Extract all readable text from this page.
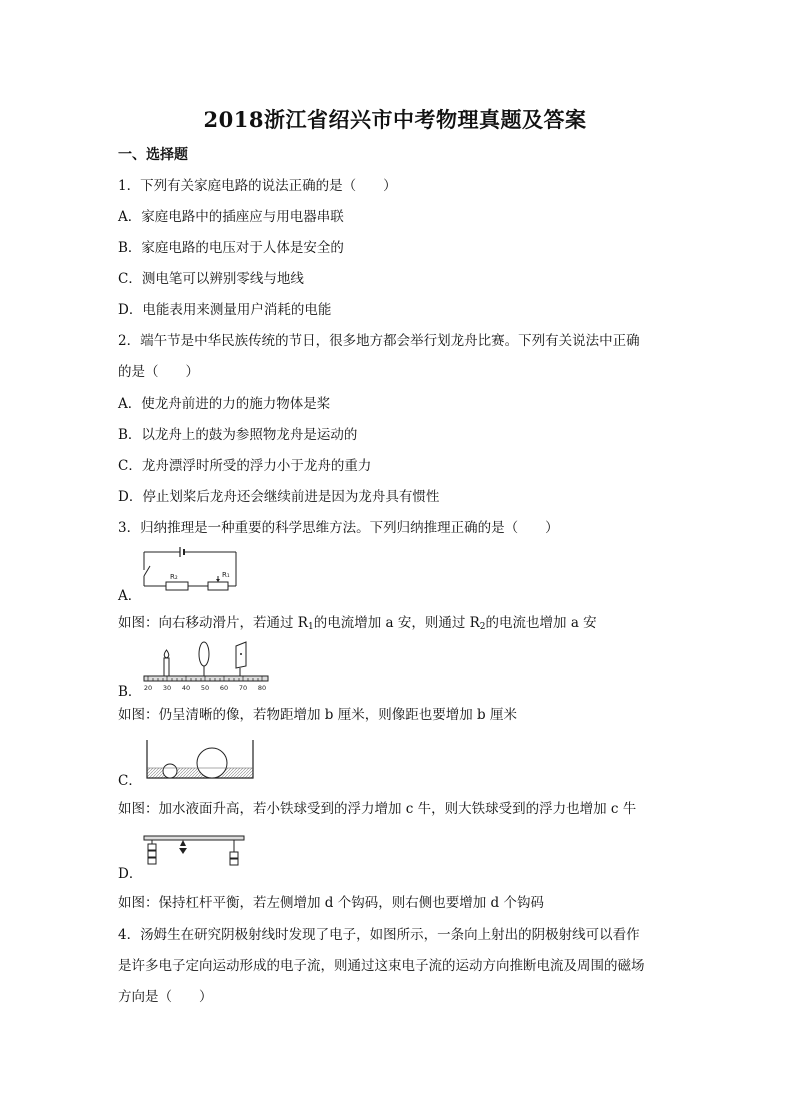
2018浙江省绍兴市中考物理真题及答案
一、选择题
1．下列有关家庭电路的说法正确的是（　　）
A．家庭电路中的插座应与用电器串联
B．家庭电路的电压对于人体是安全的
C．测电笔可以辨别零线与地线
D．电能表用来测量用户消耗的电能
2．端午节是中华民族传统的节日，很多地方都会举行划龙舟比赛。下列有关说法中正确
的是（　　）
A．使龙舟前进的力的施力物体是桨
B．以龙舟上的鼓为参照物龙舟是运动的
C．龙舟漂浮时所受的浮力小于龙舟的重力
D．停止划桨后龙舟还会继续前进是因为龙舟具有惯性
3．归纳推理是一种重要的科学思维方法。下列归纳推理正确的是（　　）
R₂	R₁
A．
如图：向右移动滑片，若通过 $R_1$的电流增加 a 安，则通过 $R_2$的电流也增加 a 安
20 30 40 50 60 70 80
B．
如图：仍呈清晰的像，若物距增加 b 厘米，则像距也要增加 b 厘米
C．
如图：加水液面升高，若小铁球受到的浮力增加 c 牛，则大铁球受到的浮力也增加 c 牛
D．
如图：保持杠杆平衡，若左侧增加 d 个钩码，则右侧也要增加 d 个钩码
4．汤姆生在研究阴极射线时发现了电子，如图所示，一条向上射出的阴极射线可以看作
是许多电子定向运动形成的电子流，则通过这束电子流的运动方向推断电流及周围的磁场
方向是（　　）
